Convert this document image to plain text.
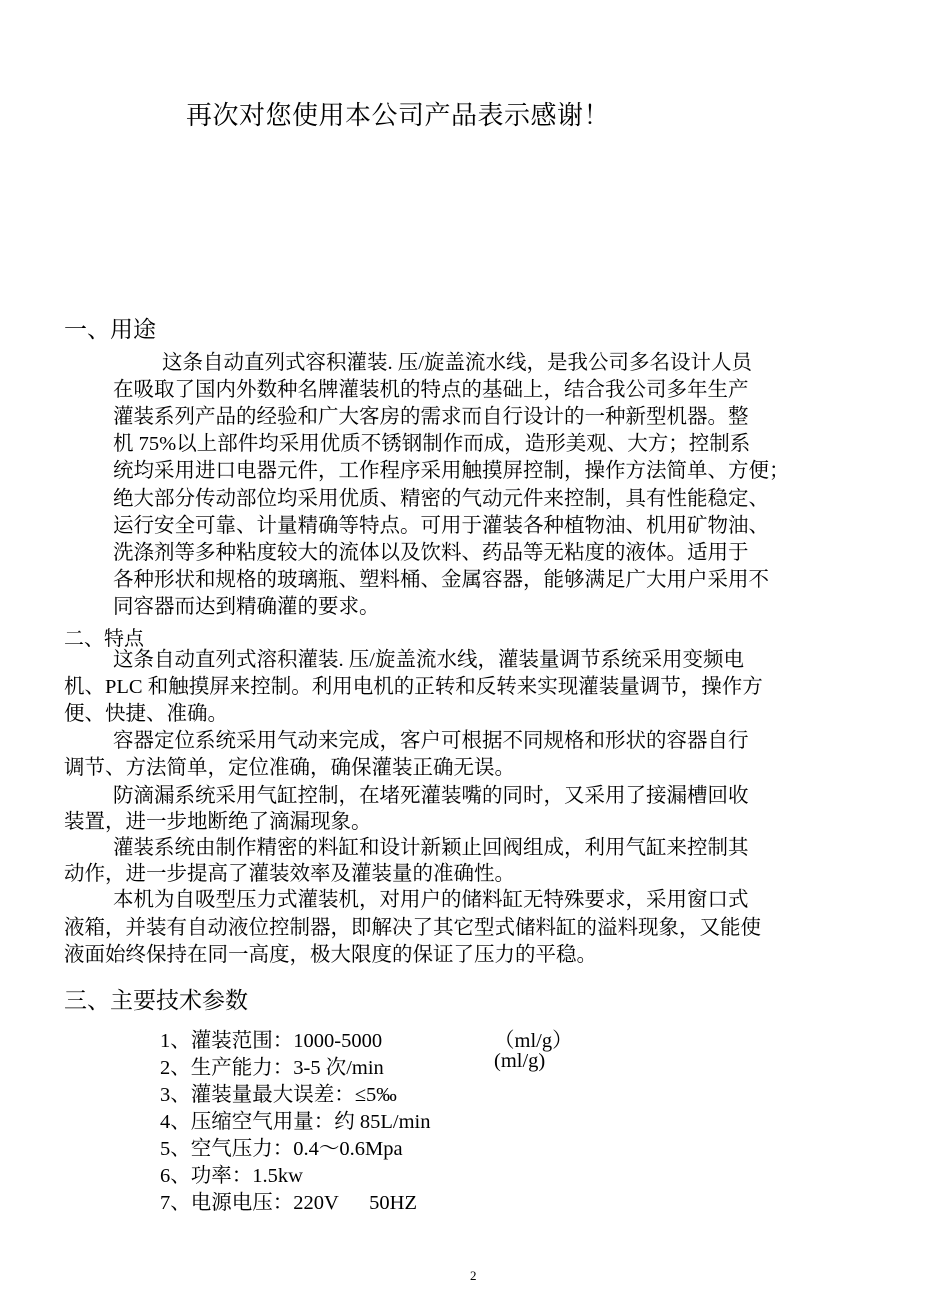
再次对您使用本公司产品表示感谢！
一、用途
这条自动直列式容积灌装. 压/旋盖流水线，是我公司多名设计人员
在吸取了国内外数种名牌灌装机的特点的基础上，结合我公司多年生产
灌装系列产品的经验和广大客房的需求而自行设计的一种新型机器。整
机 75%以上部件均采用优质不锈钢制作而成，造形美观、大方；控制系
统均采用进口电器元件，工作程序采用触摸屏控制，操作方法简单、方便；
绝大部分传动部位均采用优质、精密的气动元件来控制，具有性能稳定、
运行安全可靠、计量精确等特点。可用于灌装各种植物油、机用矿物油、
洗涤剂等多种粘度较大的流体以及饮料、药品等无粘度的液体。适用于
各种形状和规格的玻璃瓶、塑料桶、金属容器，能够满足广大用户采用不
同容器而达到精确灌的要求。
二、特点
这条自动直列式溶积灌装. 压/旋盖流水线，灌装量调节系统采用变频电
机、PLC 和触摸屏来控制。利用电机的正转和反转来实现灌装量调节，操作方
便、快捷、准确。
容器定位系统采用气动来完成，客户可根据不同规格和形状的容器自行
调节、方法简单，定位准确，确保灌装正确无误。
防滴漏系统采用气缸控制，在堵死灌装嘴的同时，又采用了接漏槽回收
装置，进一步地断绝了滴漏现象。
灌装系统由制作精密的料缸和设计新颖止回阀组成，利用气缸来控制其
动作，进一步提高了灌装效率及灌装量的准确性。
本机为自吸型压力式灌装机，对用户的储料缸无特殊要求，采用窗口式
液箱，并装有自动液位控制器，即解决了其它型式储料缸的溢料现象，又能使
液面始终保持在同一高度，极大限度的保证了压力的平稳。
三、主要技术参数
1、灌装范围：1000-5000	（ml/g）
2、生产能力：3-5 次/min	(ml/g)
3、灌装量最大误差：≤5‰
4、压缩空气用量：约 85L/min
5、空气压力：0.4～0.6Mpa
6、功率：1.5kw
7、电源电压：220V      50HZ
2
